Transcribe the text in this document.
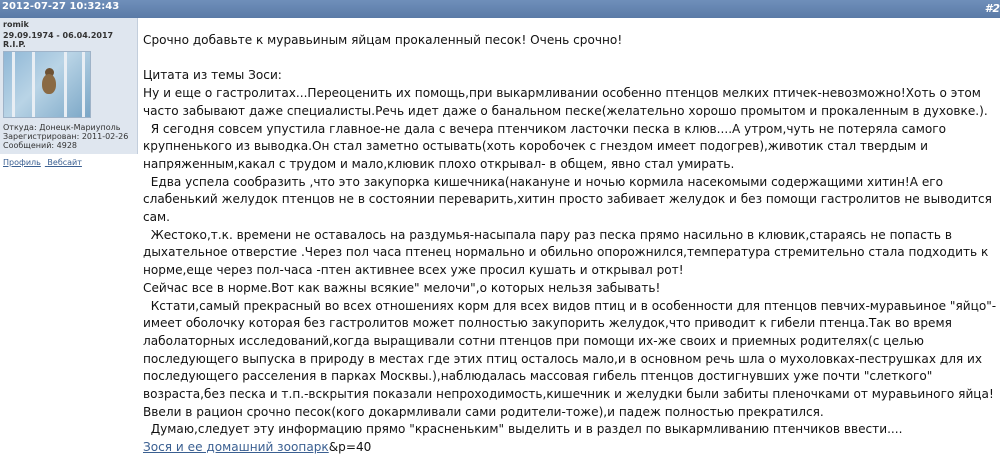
2012-07-27 10:32:43	#2
romik
29.09.1974 - 06.04.2017
R.I.P.
Откуда: Донецк-Мариуполь
Зарегистрирован: 2011-02-26
Сообщений: 4928
Профиль Вебсайт

Срочно добавьте к муравьиным яйцам прокаленный песок! Очень срочно!

Цитата из темы Зоси:

Ну и еще о гастролитах...Переоценить их помощь,при выкармливании особенно птенцов мелких птичек-невозможно!Хоть о этом

часто забывают даже специалисты.Речь идет даже о банальном песке(желательно хорошо промытом и прокаленным в духовке.).

Я сегодня совсем упустила главное-не дала с вечера птенчиком ласточки песка в клюв....А утром,чуть не потеряла самого

крупненького из выводка.Он стал заметно остывать(хоть коробочек с гнездом имеет подогрев),животик стал твердым и

напряженным,какал с трудом и мало,клювик плохо открывал- в общем, явно стал умирать.

Едва успела сообразить ,что это закупорка кишечника(накануне и ночью кормила насекомыми содержащими хитин!А его

слабенький желудок птенцов не в состоянии переварить,хитин просто забивает желудок и без помощи гастролитов не выводится

сам.

Жестоко,т.к. времени не оставалось на раздумья-насыпала пару раз песка прямо насильно в клювик,стараясь не попасть в

дыхательное отверстие .Через пол часа птенец нормально и обильно опорожнился,температура стремительно стала подходить к

норме,еще через пол-часа -птен активнее всех уже просил кушать и открывал рот!

Сейчас все в норме.Вот как важны всякие" мелочи",о которых нельзя забывать!

Кстати,самый прекрасный во всех отношениях корм для всех видов птиц и в особенности для птенцов певчих-муравьиное "яйцо"-

имеет оболочку которая без гастролитов может полностью закупорить желудок,что приводит к гибели птенца.Так во время

лаболаторных исследований,когда выращивали сотни птенцов при помощи их-же своих и приемных родителях(с целью

последующего выпуска в природу в местах где этих птиц осталось мало,и в основном речь шла о мухоловках-пеструшках для их

последующего расселения в парках Москвы.),наблюдалась массовая гибель птенцов достигнувших уже почти "слеткого"

возраста,без песка и т.п.-вскрытия показали непроходимость,кишечник и желудки были забиты пленочками от муравьиного яйца!

Ввели в рацион срочно песок(кого докармливали сами родители-тоже),и падеж полностью прекратился.

Думаю,следует эту информацию прямо "красненьким" выделить и в раздел по выкармливанию птенчиков ввести....

Зося и ее домашний зоопарк&p=40
